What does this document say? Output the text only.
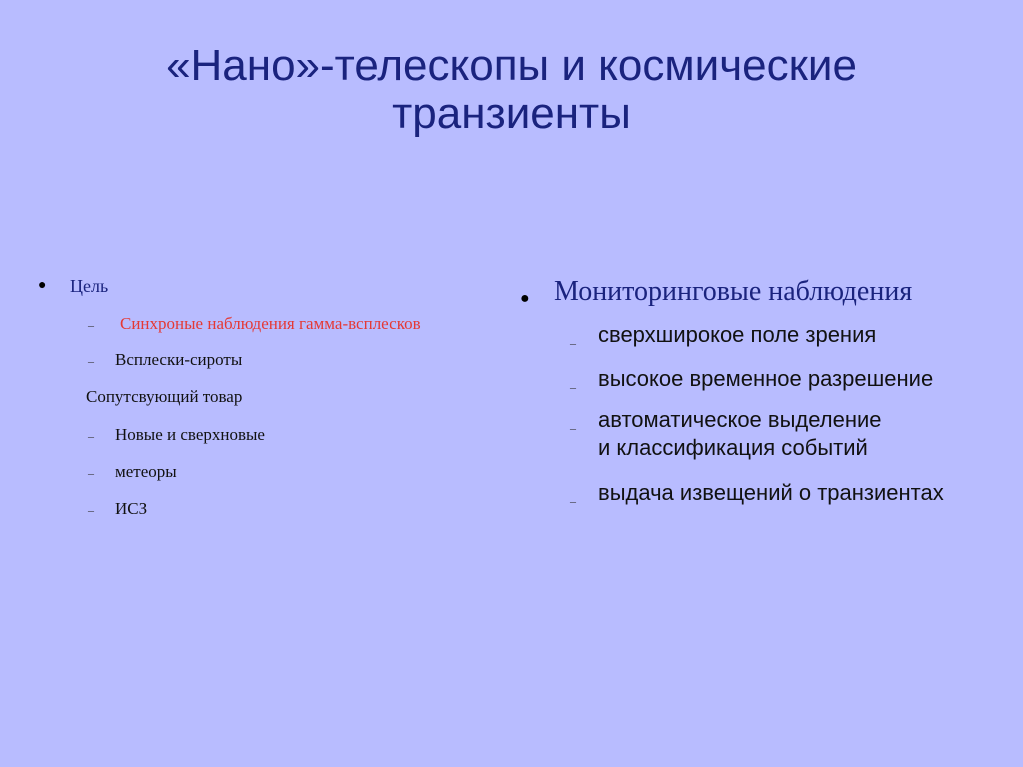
«Нано»-телескопы и космические
транзиенты
● Цель
– Синхроные наблюдения гамма-всплесков
– Всплески-сироты
Сопутсвующий товар
– Новые и сверхновые
– метеоры
– ИСЗ
● Мониторинговые наблюдения
– сверхширокое поле зрения
– высокое временное разрешение
– автоматическое выделение
и классификация событий
– выдача извещений о транзиентах
